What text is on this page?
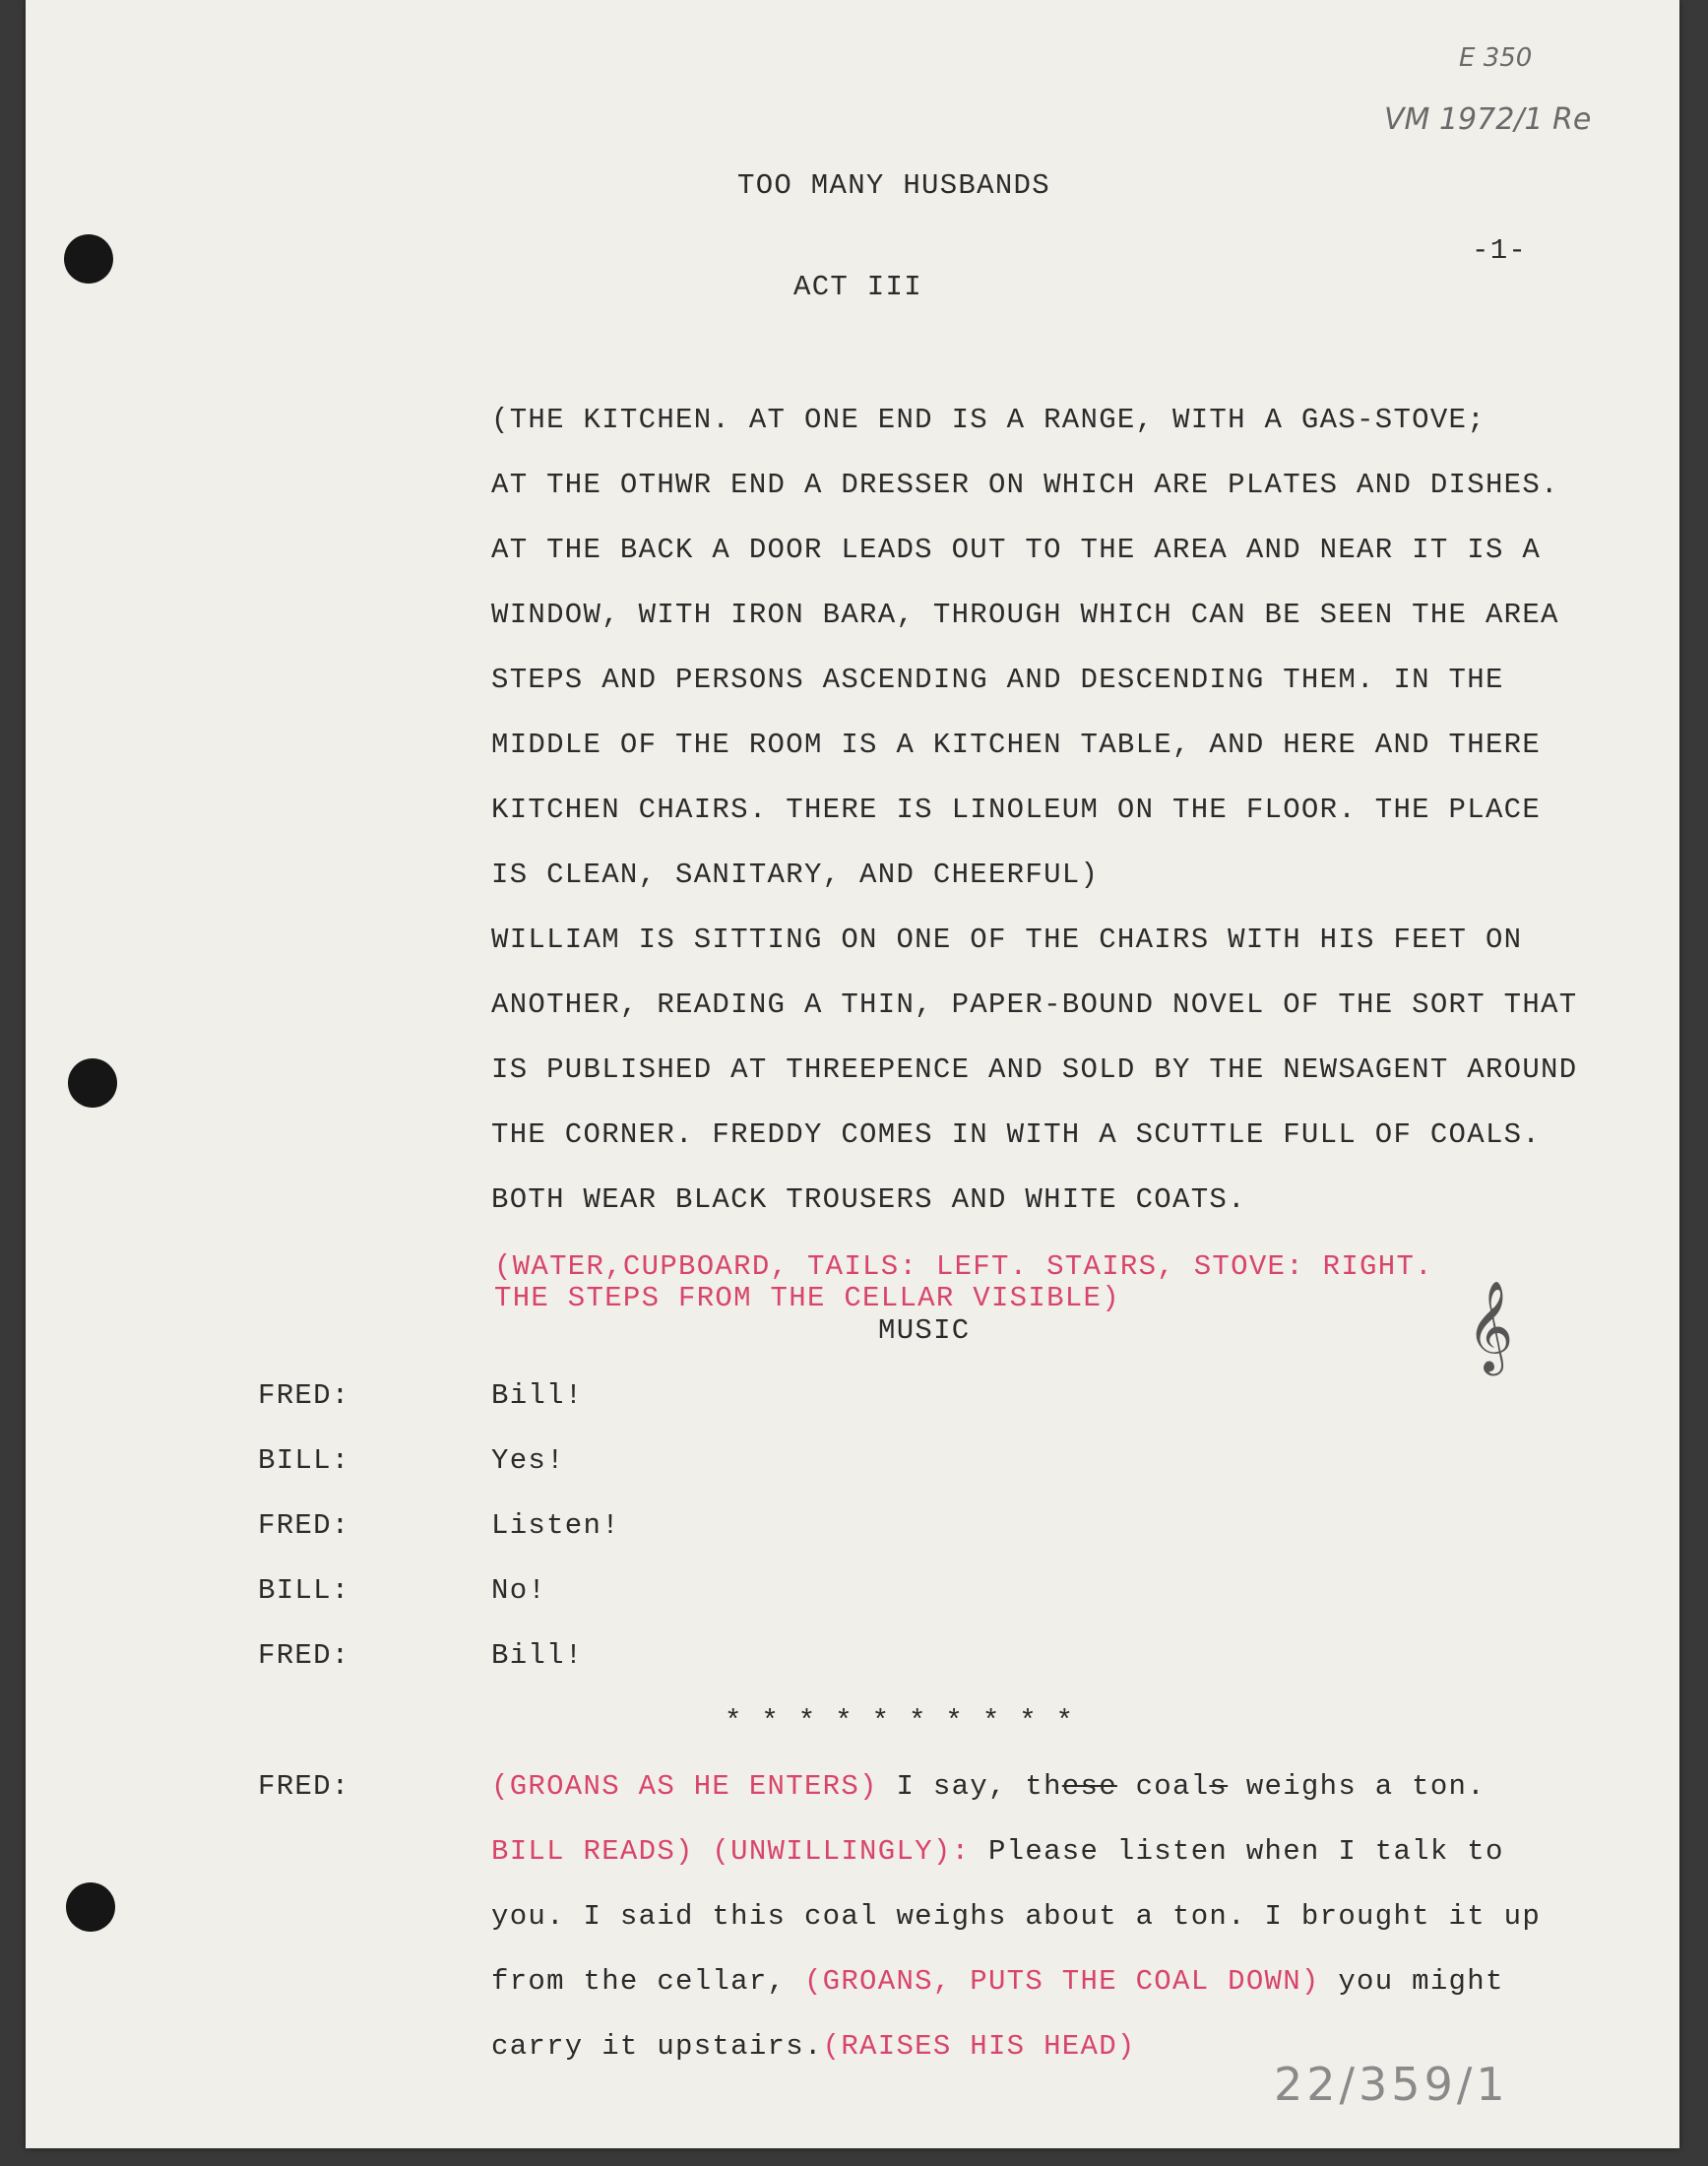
E 350
VM 1972/1 Re
TOO MANY HUSBANDS
-1-
ACT III
(THE KITCHEN. AT ONE END IS A RANGE, WITH A GAS-STOVE;
AT THE OTHWR END A DRESSER ON WHICH ARE PLATES AND DISHES.
AT THE BACK A DOOR LEADS OUT TO THE AREA AND NEAR IT IS A
WINDOW, WITH IRON BARA, THROUGH WHICH CAN BE SEEN THE AREA
STEPS AND PERSONS ASCENDING AND DESCENDING THEM. IN THE
MIDDLE OF THE ROOM IS A KITCHEN TABLE, AND HERE AND THERE
KITCHEN CHAIRS. THERE IS LINOLEUM ON THE FLOOR. THE PLACE
IS CLEAN, SANITARY, AND CHEERFUL)
WILLIAM IS SITTING ON ONE OF THE CHAIRS WITH HIS FEET ON
ANOTHER, READING A THIN, PAPER-BOUND NOVEL OF THE SORT THAT
IS PUBLISHED AT THREEPENCE AND SOLD BY THE NEWSAGENT AROUND
THE CORNER. FREDDY COMES IN WITH A SCUTTLE FULL OF COALS.
BOTH WEAR BLACK TROUSERS AND WHITE COATS.
(WATER,CUPBOARD, TAILS: LEFT. STAIRS, STOVE: RIGHT.
THE STEPS FROM THE CELLAR VISIBLE)
MUSIC	𝄞
FRED:	Bill!
BILL:	Yes!
FRED:	Listen!
BILL:	No!
FRED:	Bill!
* * * * * * * * * *
FRED:	(GROANS AS HE ENTERS) I say, these coals weighs a ton.
BILL READS) (UNWILLINGLY): Please listen when I talk to
you. I said this coal weighs about a ton. I brought it up
from the cellar, (GROANS, PUTS THE COAL DOWN) you might
carry it upstairs.(RAISES HIS HEAD)
22/359/1
